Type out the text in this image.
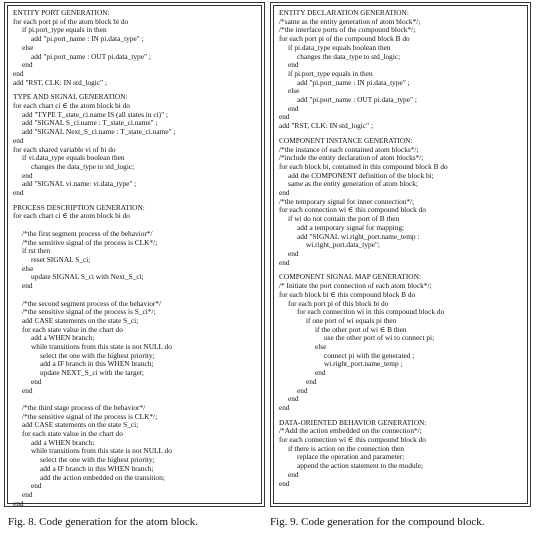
ENTITY PORT GENERATION:
for each port pi of the atom block bi do
if pi.port_type equals in then
add "pi.port_name : IN pi.data_type" ;
else
add "pi.port_name : OUT pi.data_type" ;
end
end
add "RST, CLK: IN std_logic" ;
TYPE AND SIGNAL GENERATION:
for each chart ci ∈ the atom block bi do
add "TYPE T_state_ci.name IS (all states in ci)" ;
add "SIGNAL S_ci.name : T_state_ci.name" ;
add "SIGNAL Next_S_ci.name : T_state_ci.name" ;
end
for each shared variable vi of bi do
if vi.data_type equals boolean then
changes the data_type to std_logic;
end
add "SIGNAL vi.name: vi.data_type" ;
end
PROCESS DESCRIPTION GENERATION:
for each chart ci ∈ the atom block bi do

/*the first segment process of the behavior*/
/*the sensitive signal of the process is CLK*/;
if rst then
reset SIGNAL S_ci;
else
update SIGNAL S_ci with Next_S_ci;
end

/*the second segment process of the behavior*/
/*the sensitive signal of the process is S_ci*/;
add CASE statements on the state S_ci;
for each state value in the chart do
add a WHEN branch;
while transitions from this state is not NULL do
select the one with the highest priority;
add a IF branch in this WHEN branch;
update NEXT_S_ci with the target;
end
end

/*the third stage process of the behavior*/
/*the sensitive signal of the process is CLK*/;
add CASE statements on the state S_ci;
for each state value in the chart do
add a WHEN branch;
while transitions from this state is not NULL do
select the one with the highest priority;
add a IF branch in this WHEN branch;
add the action embedded on the transition;
end
end
end
ENTITY DECLARATION GENERATION:
/*same as the entity generation of atom block*/;
/*the interface ports of the compound block*/;
for each port pi of the compound block B do
if pi.data_type equals boolean then
changes the data_type to std_logic;
end
if pi.port_type equals in then
add "pi.port_name : IN pi.data_type" ;
else
add "pi.port_name : OUT pi.data_type" ;
end
end
add "RST, CLK: IN std_logic" ;
COMPONENT INSTANCE GENERATION:
/*the instance of each contained atom blocks*/;
/*include the entity declaration of atom blocks*/;
for each block bi, contained in this compound block B do
add the COMPONENT definition of the block bi;
same as the entity generation of atom block;
end
/*the temporary signal for inner connection*/;
for each connection wi ∈ this compound block do
if wi do not contain the port of B then
add a temporary signal for mapping;
add "SIGNAL wi.right_port.name_temp :
wi.right_port.data_type";
end
end
COMPONENT SIGNAL MAP GENERATION:
/* Initiate the port connection of each atom block*/;
for each block bi ∈ this compound block B do
for each port pi of this block bi do
for each connection wi in this compound block do
if one port of wi equals pi then
if the other port of wi ∈ B then
use the other port of wi to connect pi;
else
connect pi with the generated ;
wi.right_port.name_temp ;
end
end
end
end
end
DATA-ORIENTED BEHAVIOR GENERATION:
/*Add the action embedded on the connection*/;
for each connection wi ∈ this compound block do
if there is action on the connection then
replace the operation and parameter;
append the action statement to the module;
end
end
Fig. 8. Code generation for the atom block.	Fig. 9. Code generation for the compound block.
